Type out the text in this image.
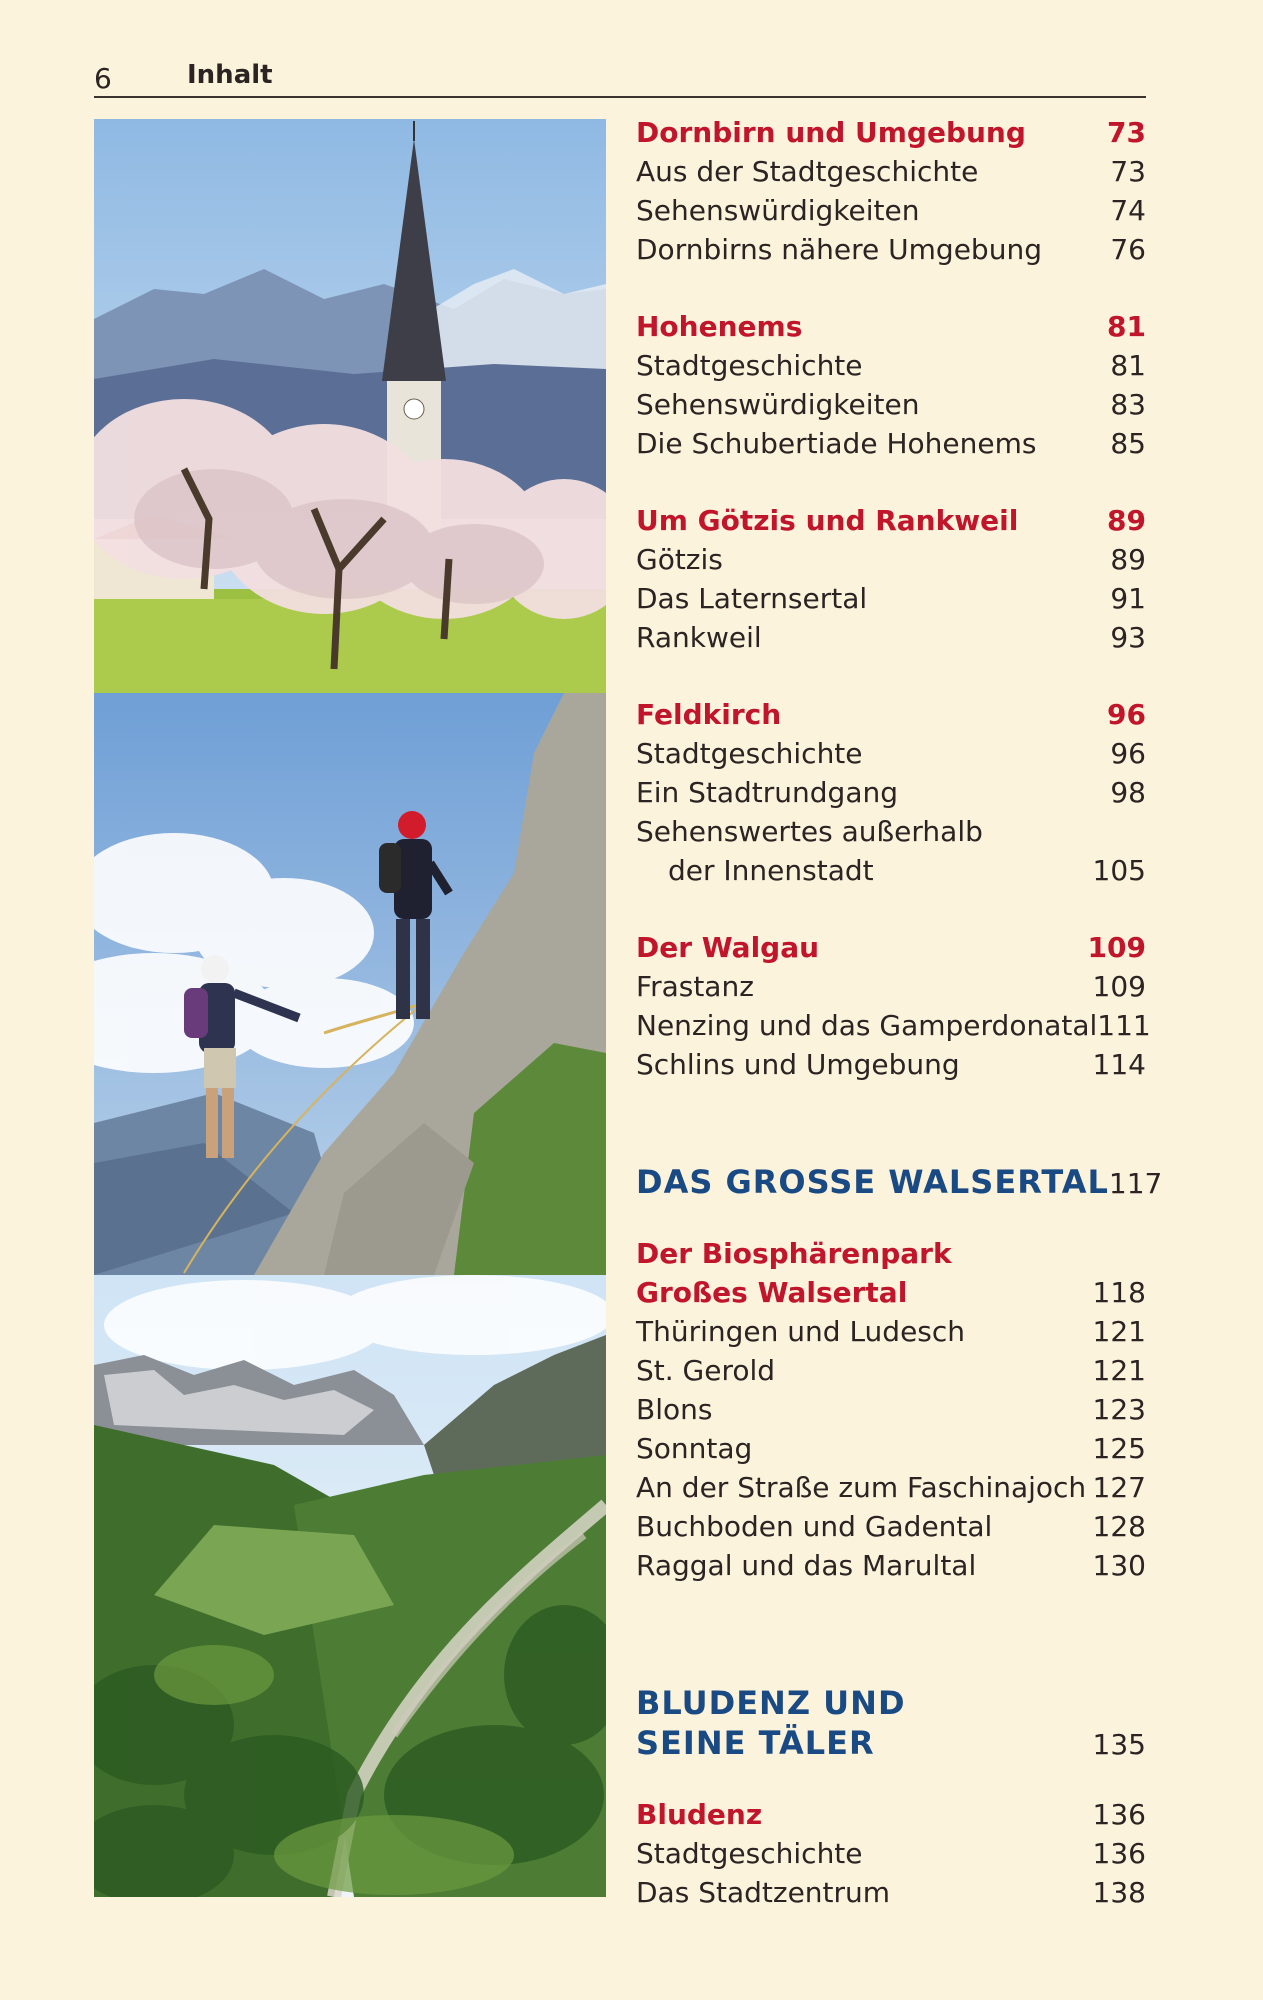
6	Inhalt
Dornbirn und Umgebung	73
Aus der Stadtgeschichte	73
Sehenswürdigkeiten	74
Dornbirns nähere Umgebung 76
Hohenems	81
Stadtgeschichte	81
Sehenswürdigkeiten	83
Die Schubertiade Hohenems	85
Um Götzis und Rankweil	89
Götzis	89
Das Laternsertal	91
Rankweil	93
Feldkirch	96
Stadtgeschichte	96
Ein Stadtrundgang	98
Sehenswertes außerhalb
der Innenstadt	105
Der Walgau	109
Frastanz	109
Nenzing und das Gamperdonatal 111
Schlins und Umgebung	114
DAS GROSSE WALSERTAL 117
Der Biosphärenpark
Großes Walsertal	118
Thüringen und Ludesch	121
St. Gerold	121
Blons	123
Sonntag	125
An der Straße zum Faschinajoch 127
Buchboden und Gadental	128
Raggal und das Marultal	130
BLUDENZ UND
SEINE TÄLER	135
Bludenz	136
Stadtgeschichte	136
Das Stadtzentrum	138
